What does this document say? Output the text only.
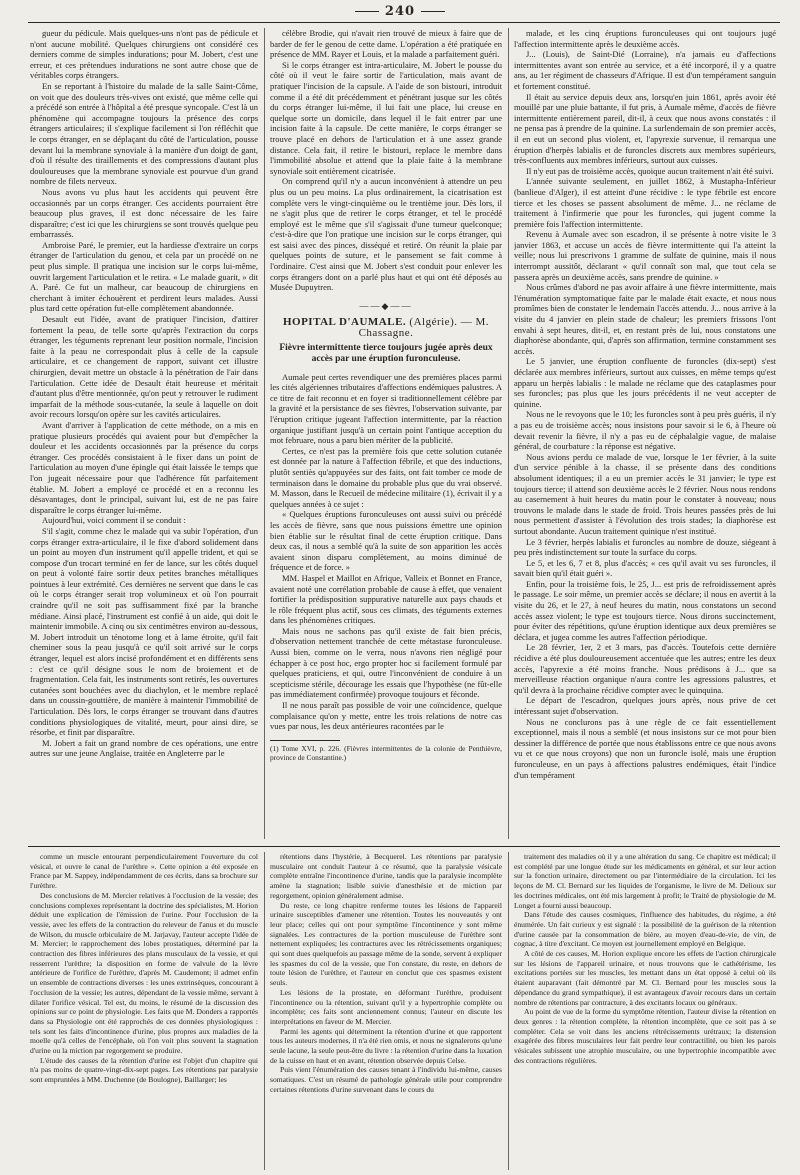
240

gueur du pédicule. Mais quelques-uns n'ont pas de pédicule et n'ont aucune mobilité. Quelques chirurgiens ont considéré ces derniers comme de simples indurations; pour M. Jobert, c'est une erreur, et ces prétendues indurations ne sont autre chose que de véritables corps étrangers.

En se reportant à l'histoire du malade de la salle Saint-Côme, on voit que des douleurs très-vives ont existé, que même celle qui a précédé son entrée à l'hôpital a été presque syncopale. C'est là un phénomène qui accompagne toujours la présence des corps étrangers articulaires; il s'explique facilement si l'on réfléchit que le corps étranger, en se déplaçant du côté de l'articulation, pousse devant lui la membrane synoviale à la manière d'un doigt de gant, d'où il résulte des tiraillements et des compressions d'autant plus douloureuses que la membrane synoviale est pourvue d'un grand nombre de filets nerveux.

Nous avons vu plus haut les accidents qui peuvent être occasionnés par un corps étranger. Ces accidents pourraient être beaucoup plus graves, il est donc nécessaire de les faire disparaître; c'est ici que les chirurgiens se sont trouvés quelque peu embarrassés.

Ambroise Paré, le premier, eut la hardiesse d'extraire un corps étranger de l'articulation du genou, et cela par un procédé on ne peut plus simple. Il pratiqua une incision sur le corps lui-même, ouvrit largement l'articulation et le retira. « Le malade guarit, » dit A. Paré. Ce fut un malheur, car beaucoup de chirurgiens en cherchant à imiter échouèrent et perdirent leurs malades. Aussi plus tard cette opération fut-elle complètement abandonnée.

Desault eut l'idée, avant de pratiquer l'incision, d'attirer fortement la peau, de telle sorte qu'après l'extraction du corps étranger, les téguments reprenant leur position normale, l'incision faite à la peau ne correspondait plus à celle de la capsule articulaire, et ce changement de rapport, suivant cet illustre chirurgien, devait mettre un obstacle à la pénétration de l'air dans l'articulation. Cette idée de Desault était heureuse et méritait d'autant plus d'être mentionnée, qu'on peut y retrouver le rudiment imparfait de la méthode sous-cutanée, la seule à laquelle on doit avoir recours lorsqu'on opère sur les cavités articulaires.

Avant d'arriver à l'application de cette méthode, on a mis en pratique plusieurs procédés qui avaient pour but d'empêcher la douleur et les accidents occasionnés par la présence du corps étranger. Ces procédés consistaient à le fixer dans un point de l'articulation au moyen d'une épingle qui était laissée le temps que l'on jugeait nécessaire pour que l'adhérence fût parfaitement établie. M. Jobert a employé ce procédé et en a reconnu les désavantages, dont le principal, suivant lui, est de ne pas faire disparaître le corps étranger lui-même.

Aujourd'hui, voici comment il se conduit :

S'il s'agit, comme chez le malade qui va subir l'opération, d'un corps étranger extra-articulaire, il le fixe d'abord solidement dans un point au moyen d'un instrument qu'il appelle trident, et qui se compose d'un trocart terminé en fer de lance, sur les côtés duquel on peut à volonté faire sortir deux petites branches métalliques pointues à leur extrémité. Ces dernières ne servent que dans le cas où le corps étranger serait trop volumineux et où l'on pourrait craindre qu'il ne soit pas suffisamment fixé par la branche médiane. Ainsi placé, l'instrument est confié à un aide, qui doit le maintenir immobile. A cinq ou six centimètres environ au-dessous, M. Jobert introduit un ténotome long et à lame étroite, qu'il fait cheminer sous la peau jusqu'à ce qu'il soit arrivé sur le corps étranger, lequel est alors incisé profondément et en différents sens : c'est ce qu'il désigne sous le nom de broiement et de fragmentation. Cela fait, les instruments sont retirés, les ouvertures cutanées sont bouchées avec du diachylon, et le membre replacé dans un coussin-gouttière, de manière à maintenir l'immobilité de l'articulation. Dès lors, le corps étranger se trouvant dans d'autres conditions physiologiques de vitalité, meurt, pour ainsi dire, se résorbe, et finit par disparaître.

M. Jobert a fait un grand nombre de ces opérations, une entre autres sur une jeune Anglaise, traitée en Angleterre par le

célèbre Brodie, qui n'avait rien trouvé de mieux à faire que de barder de fer le genou de cette dame. L'opération a été pratiquée en présence de MM. Rayer et Louis, et la malade a parfaitement guéri.

Si le corps étranger est intra-articulaire, M. Jobert le pousse du côté où il veut le faire sortir de l'articulation, mais avant de pratiquer l'incision de la capsule. A l'aide de son bistouri, introduit comme il a été dit précédemment et pénétrant jusque sur les côtés du corps étranger lui-même, il lui fait une place, lui creuse en quelque sorte un domicile, dans lequel il le fait entrer par une incision faite à la capsule. De cette manière, le corps étranger se trouve placé en dehors de l'articulation et à une assez grande distance. Cela fait, il retire le bistouri, replace le membre dans l'immobilité absolue et attend que la plaie faite à la membrane synoviale soit entièrement cicatrisée.

On comprend qu'il n'y a aucun inconvénient à attendre un peu plus ou un peu moins. La plus ordinairement, la cicatrisation est complète vers le vingt-cinquième ou le trentième jour. Dès lors, il ne s'agit plus que de retirer le corps étranger, et tel le procédé employé est le même que s'il s'agissait d'une tumeur quelconque; c'est-à-dire que l'on pratique une incision sur le corps étranger, qui est saisi avec des pinces, disséqué et retiré. On réunit la plaie par quelques points de suture, et le pansement se fait comme à l'ordinaire. C'est ainsi que M. Jobert s'est conduit pour enlever les corps étrangers dont on a parlé plus haut et qui ont été déposés au Musée Dupuytren.

——◆——
HOPITAL D'AUMALE. (Algérie). — M. Chassagne.
Fièvre intermittente tierce toujours jugée après deux accès par une éruption furonculeuse.

Aumale peut certes revendiquer une des premières places parmi les cités algériennes tributaires d'affections endémiques palustres. A ce titre de fait reconnu et en foyer si traditionnellement célèbre par la gravité et la persistance de ses fièvres, l'observation suivante, par l'éruption critique jugeant l'affection intermittente, par la réaction organique justifiant jusqu'à un certain point l'antique acception du mot februare, nous a paru bien mériter de la publicité.

Certes, ce n'est pas la première fois que cette solution cutanée est donnée par la nature à l'affection fébrile, et que des inductions, plutôt sentiès qu'appuyées sur des faits, ont fait tomber ce mode de terminaison dans le domaine du probable plus que du vrai observé. M. Masson, dans le Recueil de médecine militaire (1), écrivait il y a quelques années à ce sujet :

« Quelques éruptions furonculeuses ont aussi suivi ou précédé les accès de fièvre, sans que nous puissions émettre une opinion bien établie sur le résultat final de cette éruption critique. Dans deux cas, il nous a semblé qu'à la suite de son apparition les accès avaient sinon disparu complètement, au moins diminué de fréquence et de force. »

MM. Haspel et Maillot en Afrique, Valleix et Bonnet en France, avaient noté une corrélation probable de cause à effet, que venaient fortifier la prédisposition suppurative naturelle aux pays chauds et le rôle fréquent plus actif, sous ces climats, des téguments externes dans les phénomènes critiques.

Mais nous ne sachons pas qu'il existe de fait bien précis, d'observation nettement tranchée de cette métastase furonculeuse. Aussi bien, comme on le verra, nous n'avons rien négligé pour échapper à ce post hoc, ergo propter hoc si facilement formulé par quelques praticiens, et qui, outre l'inconvénient de conduire à un scepticisme stérile, décourage les essais que l'hypothèse (ne fût-elle pas immédiatement confirmée) provoque toujours et féconde.

Il ne nous paraît pas possible de voir une coïncidence, quelque complaisance qu'on y mette, entre les trois relations de notre cas vues par nous, les deux antérieures racontées par le

(1) Tome XVI, p. 226. (Fièvres intermittentes de la colonie de Penthièvre, province de Constantine.)

malade, et les cinq éruptions furonculeuses qui ont toujours jugé l'affection intermittente après le deuxième accès.

J... (Louis), de Saint-Dié (Lorraine), n'a jamais eu d'affections intermittentes avant son entrée au service, et a été incorporé, il y a quatre ans, au 1er régiment de chasseurs d'Afrique. Il est d'un tempérament sanguin et fortement constitué.

Il était au service depuis deux ans, lorsqu'en juin 1861, après avoir été mouillé par une pluie battante, il fut pris, à Aumale même, d'accès de fièvre intermittente entièrement pareil, dit-il, à ceux que nous avons constatés : il ne pensa pas à prendre de la quinine. La surlendemain de son premier accès, il en eut un second plus violent, et, l'apyrexie survenue, il remarqua une éruption d'herpès labialis et de furoncles discrets aux membres supérieurs, très-confluents aux membres inférieurs, surtout aux cuisses.

Il n'y eut pas de troisième accès, quoique aucun traitement n'ait été suivi.

L'année suivante seulement, en juillet 1862, à Mustapha-Inférieur (banlieue d'Alger), il est atteint d'une récidive : le type fébrile est encore tierce et les choses se passent absolument de même. J... ne réclame de traitement à l'infirmerie que pour les furoncles, qui jugent comme la première fois l'affection intermittente.

Revenu à Aumale avec son escadron, il se présente à notre visite le 3 janvier 1863, et accuse un accès de fièvre intermittente qui l'a atteint la veille; nous lui prescrivons 1 gramme de sulfate de quinine, mais il nous interrompt aussitôt, déclarant « qu'il connaît son mal, que tout cela se passera après un deuxième accès, sans prendre de quinine. »

Nous crûmes d'abord ne pas avoir affaire à une fièvre intermittente, mais l'énumération symptomatique faite par le malade était exacte, et nous nous promîmes bien de constater le lendemain l'accès attendu. J... nous arrive à la visite du 4 janvier en plein stade de chaleur; les premiers frissons l'ont envahi à sept heures, dit-il, et, en restant près de lui, nous constatons une diaphorèse abondante, qui, d'après son affirmation, termine constamment ses accès.

Le 5 janvier, une éruption confluente de furoncles (dix-sept) s'est déclarée aux membres inférieurs, surtout aux cuisses, en même temps qu'est apparu un herpès labialis : le malade ne réclame que des cataplasmes pour ses furoncles; pas plus que les jours précédents il ne veut accepter de quinine.

Nous ne le revoyons que le 10; les furoncles sont à peu près guéris, il n'y a pas eu de troisième accès; nous insistons pour savoir si le 6, à l'heure où devait revenir la fièvre, il n'y a pas eu de céphalalgie vague, de malaise général, de courbature : la réponse est négative.

Nous avions perdu ce malade de vue, lorsque le 1er février, à la suite d'un service pénible à la chasse, il se présente dans des conditions absolument identiques; il a eu un premier accès le 31 janvier; le type est toujours tierce; il attend son deuxième accès le 2 février. Nous nous rendons au casernement à huit heures du matin pour le constater à nouveau; nous trouvons le malade dans le stade de froid. Trois heures passées près de lui nous permettent d'assister à l'évolution des trois stades; la diaphorèse est surtout abondante. Aucun traitement quinique n'est institué.

Le 3 février, herpès labialis et furoncles au nombre de douze, siégeant à peu près indistinctement sur toute la surface du corps.

Le 5, et les 6, 7 et 8, plus d'accès; « ces qu'il avait vu ses furoncles, il savait bien qu'il était guéri ».

Enfin, pour la troisième fois, le 25, J... est pris de refroidissement après le passage. Le soir même, un premier accès se déclare; il nous en avertit à la visite du 26, et le 27, à neuf heures du matin, nous constatons un second accès assez violent; le type est toujours tierce. Nous dirons succinctement, pour éviter des répétitions, qu'une éruption identique aux deux premières se déclara, et jugea comme les autres l'affection périodique.

Le 28 février, 1er, 2 et 3 mars, pas d'accès. Toutefois cette dernière récidive a été plus douloureusement accentuée que les autres; entre les deux accès, l'apyrexie a été moins franche. Nous prédisons à J... que sa merveilleuse réaction organique n'aura contre les agressions palustres, et qu'il devra à la prochaine récidive compter avec le quinquina.

Le départ de l'escadron, quelques jours après, nous prive de cet intéressant sujet d'observation.

Nous ne conclurons pas à une règle de ce fait essentiellement exceptionnel, mais il nous a semblé (et nous insistons sur ce mot pour bien dessiner la différence de portée que nous établissons entre ce que nous avons vu et ce que nous croyons) que non un furoncle isolé, mais une éruption furonculeuse, en un pays à affections palustres endémiques, était l'indice d'un tempérament

comme un muscle entourant perpendiculairement l'ouverture du col vésical, et ouvre le canal de l'urèthre ». Cette opinion a été exposée en France par M. Sappey, indépendamment de ces écrits, dans sa brochure sur l'urèthre.

Des conclusions de M. Mercier relatives à l'occlusion de la vessie; des conclusions complexes représentant la doctrine des spécialistes, M. Horion déduit une explication de l'émission de l'urine. Pour l'occlusion de la vessie, avec les effets de la contraction du releveur de l'anus et du muscle de Wilson, du muscle orbiculaire de M. Jarjavay, l'auteur accepte l'idée de M. Mercier; le rapprochement des lobes prostatiques, déterminé par la contraction des fibres inférieures des plans musculaux de la vessie, et qui resserrent l'urèthre; la disposition en forme de valvule de la lèvre antérieure de l'orifice de l'urèthre, d'après M. Caudemont; il admet enfin un ensemble de contractions diverses : les unes extrinsèques, concourant à l'occlusion de la vessie; les autres, dépendant de la vessie même, servant à dilater l'orifice vésical. Tel est, du moins, le résumé de la discussion des opinions sur ce point de physiologie. Les faits que M. Donders a rapportés dans sa Physiologie ont été rapprochés de ces données physiologiques : tels sont les faits d'incontinence d'urine, plus propres aux maladies de la moelle qu'à celles de l'encéphale, où l'on voit plus souvent la stagnation d'urine ou la miction par regorgement se produire.

L'étude des causes de la rétention d'urine est l'objet d'un chapitre qui n'a pas moins de quatre-vingt-dix-sept pages. Les rétentions par paralysie sont empruntées à MM. Duchenne (de Boulogne), Baillarger; les

rétentions dans l'hystérie, à Becquerel. Les rétentions par paralysie musculaire ont conduit l'auteur à ce résumé, que la paralysie vésicale complète entraîne l'incontinence d'urine, tandis que la paralysie incomplète amène la stagnation; lisible suivie d'anesthésie et de miction par regorgement, opinion généralement admise.

Du reste, ce long chapitre renferme toutes les lésions de l'appareil urinaire susceptibles d'amener une rétention. Toutes les nouveautés y ont leur place; celles qui ont pour symptôme l'incontinence y sont même signalées. Les contractures de la portion musculeuse de l'urèthre sont nettement expliquées; les contractures avec les rétrécissements organiques; qui sont dues quelquefois au passage même de la sonde, servent à expliquer les spasmes du col de la vessie, que l'on constate, du reste, en dehors de toute lésion de l'urèthre, et l'auteur en conclut que ces spasmes existent seuls.

Les lésions de la prostate, en déformant l'urèthre, produisent l'incontinence ou la rétention, suivant qu'il y a hypertrophie complète ou incomplète; ces faits sont anciennement connus; l'auteur en discute les interprétations en faveur de M. Mercier.

Parmi les agents qui déterminent la rétention d'urine et que rapportent tous les auteurs modernes, il n'a été rien omis, et nous ne signalerons qu'une seule lacune, la seule peut-être du livre : la rétention d'urine dans la luxation de la cuisse en haut et en avant, rétention observée depuis Celse.

Puis vient l'énumération des causes tenant à l'individu lui-même, causes somatiques. C'est un résumé de pathologie générale utile pour comprendre certaines rétentions d'urine survenant dans le cours du

traitement des maladies où il y a une altération du sang. Ce chapitre est médical; il est complété par une longue étude sur les médicaments en général, et sur leur action sur la fonction urinaire, directement ou par l'intermédiaire de la circulation. Ici les leçons de M. Cl. Bernard sur les liquides de l'organisme, le livre de M. Delioux sur les doctrines médicales, ont été mis largement à profit; le Traité de physiologie de M. Longet a fourni aussi beaucoup.

Dans l'étude des causes cosmiques, l'influence des habitudes, du régime, a été énumérée. Un fait curieux y est signalé : la possibilité de la guérison de la rétention d'urine causée par la consommation de bière, au moyen d'eau-de-vie, de vin, de cognac, à titre d'excitant. Ce moyen est journellement employé en Belgique.

A côté de ces causes, M. Horion explique encore les effets de l'action chirurgicale sur les lésions de l'appareil urinaire, et nous trouvons que le cathétérisme, les excitations portées sur les muscles, les mettant dans un état opposé à celui où ils étaient auparavant (fait démontré par M. Cl. Bernard pour les muscles sous la dépendance du grand sympathique), il est avantageux d'avoir recours dans un certain nombre de rétentions par contracture, à des excitants locaux ou généraux.

Au point de vue de la forme du symptôme rétention, l'auteur divise la rétention en deux genres : la rétention complète, la rétention incomplète, que ce soit pas à se compléter. Cela se voit dans les anciens rétrécissements urétraux; la distension exagérée des fibres musculaires leur fait perdre leur contractilité, ou bien les parois vésicales subissent une atrophie musculaire, ou une hypertrophie incompatible avec des contractions régulières.
